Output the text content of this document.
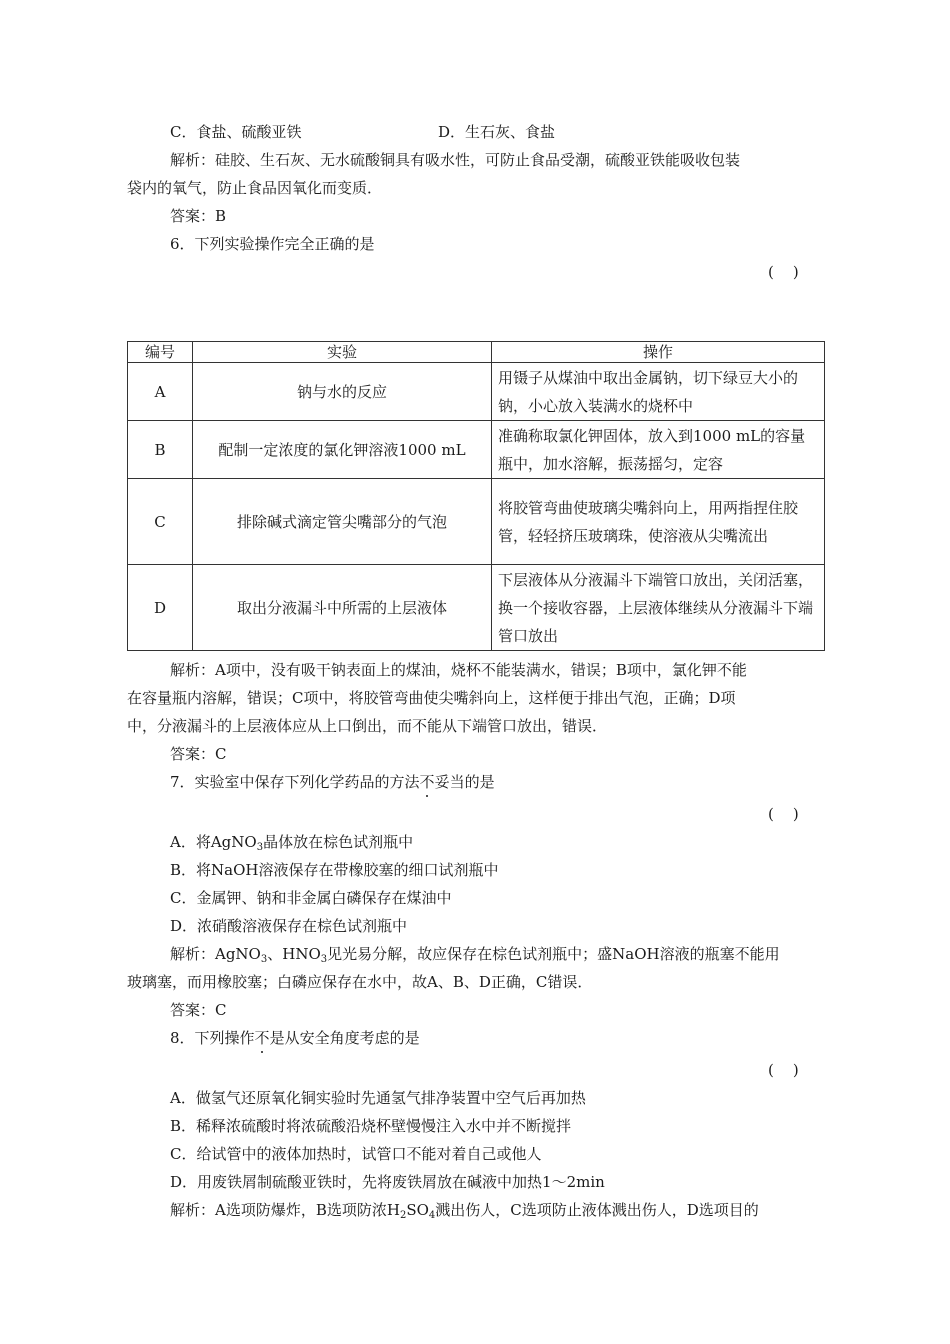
C．食盐、硫酸亚铁	D．生石灰、食盐
解析：硅胶、生石灰、无水硫酸铜具有吸水性，可防止食品受潮，硫酸亚铁能吸收包装
袋内的氧气，防止食品因氧化而变质．
答案：B
6．下列实验操作完全正确的是
(    )
编号	实验	操作
A	钠与水的反应	用镊子从煤油中取出金属钠，切下绿豆大小的钠，小心放入装满水的烧杯中
B	配制一定浓度的氯化钾溶液1000 mL	准确称取氯化钾固体，放入到1000 mL的容量瓶中，加水溶解，振荡摇匀，定容
C	排除碱式滴定管尖嘴部分的气泡	将胶管弯曲使玻璃尖嘴斜向上，用两指捏住胶管，轻轻挤压玻璃珠，使溶液从尖嘴流出
D	取出分液漏斗中所需的上层液体	下层液体从分液漏斗下端管口放出，关闭活塞，换一个接收容器，上层液体继续从分液漏斗下端管口放出
解析：A项中，没有吸干钠表面上的煤油，烧杯不能装满水，错误；B项中，氯化钾不能
在容量瓶内溶解，错误；C项中，将胶管弯曲使尖嘴斜向上，这样便于排出气泡，正确；D项
中，分液漏斗的上层液体应从上口倒出，而不能从下端管口放出，错误．
答案：C
7．实验室中保存下列化学药品的方法不妥当的是
(    )
A．将AgNO$_3$晶体放在棕色试剂瓶中
B．将NaOH溶液保存在带橡胶塞的细口试剂瓶中
C．金属钾、钠和非金属白磷保存在煤油中
D．浓硝酸溶液保存在棕色试剂瓶中
解析：AgNO$_3$、$HNO_3$见光易分解，故应保存在棕色试剂瓶中；盛NaOH溶液的瓶塞不能用
玻璃塞，而用橡胶塞；白磷应保存在水中，故A、B、D正确，C错误．
答案：C
8．下列操作不是从安全角度考虑的是
(    )
A．做氢气还原氧化铜实验时先通氢气排净装置中空气后再加热
B．稀释浓硫酸时将浓硫酸沿烧杯壁慢慢注入水中并不断搅拌
C．给试管中的液体加热时，试管口不能对着自己或他人
D．用废铁屑制硫酸亚铁时，先将废铁屑放在碱液中加热1～2min
解析：A选项防爆炸，B选项防浓$H_2SO_4$溅出伤人，C选项防止液体溅出伤人，D选项目的
